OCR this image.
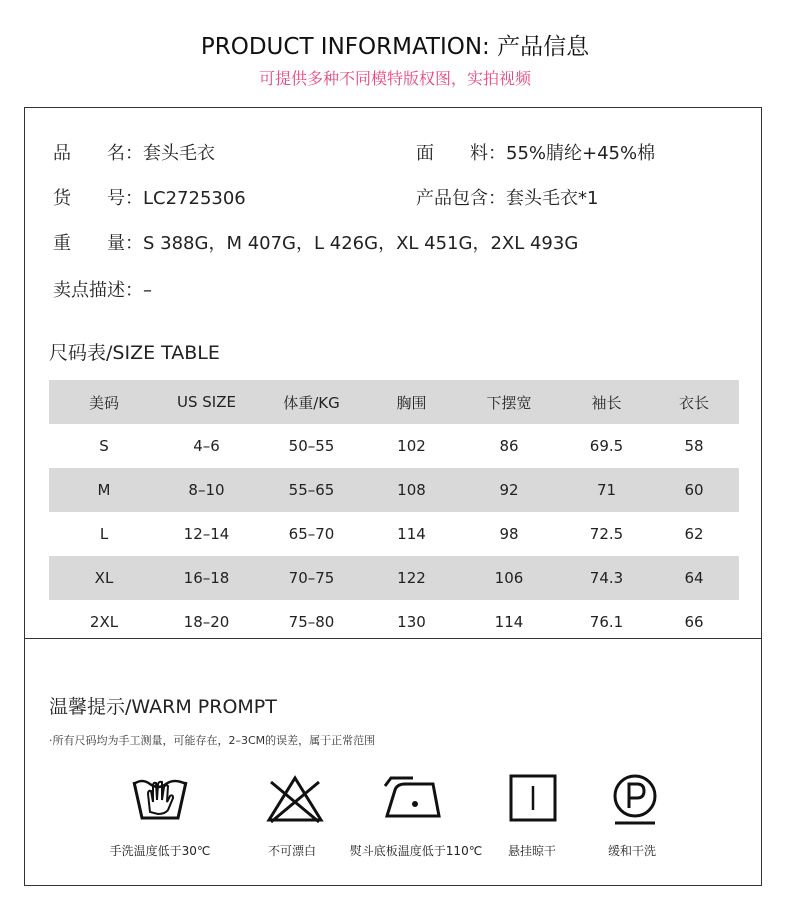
PRODUCT INFORMATION: 产品信息
可提供多种不同模特版权图，实拍视频
品　　名：套头毛衣	面　　料：55%腈纶+45%棉
货　　号：LC2725306	产品包含：套头毛衣*1
重　　量：S 388G，M 407G，L 426G，XL 451G，2XL 493G
卖点描述：–
尺码表/SIZE TABLE
美码	US SIZE	体重/KG	胸围	下摆宽	袖长	衣长
S	4–6	50–55	102	86	69.5	58
M	8–10	55–65	108	92	71	60
L	12–14	65–70	114	98	72.5	62
XL	16–18	70–75	122	106	74.3	64
2XL	18–20	75–80	130	114	76.1	66
温馨提示/WARM PROMPT
·所有尺码均为手工测量，可能存在，2–3CM的误差，属于正常范围
手洗温度低于30℃	不可漂白	熨斗底板温度低于110℃	悬挂晾干	缓和干洗
